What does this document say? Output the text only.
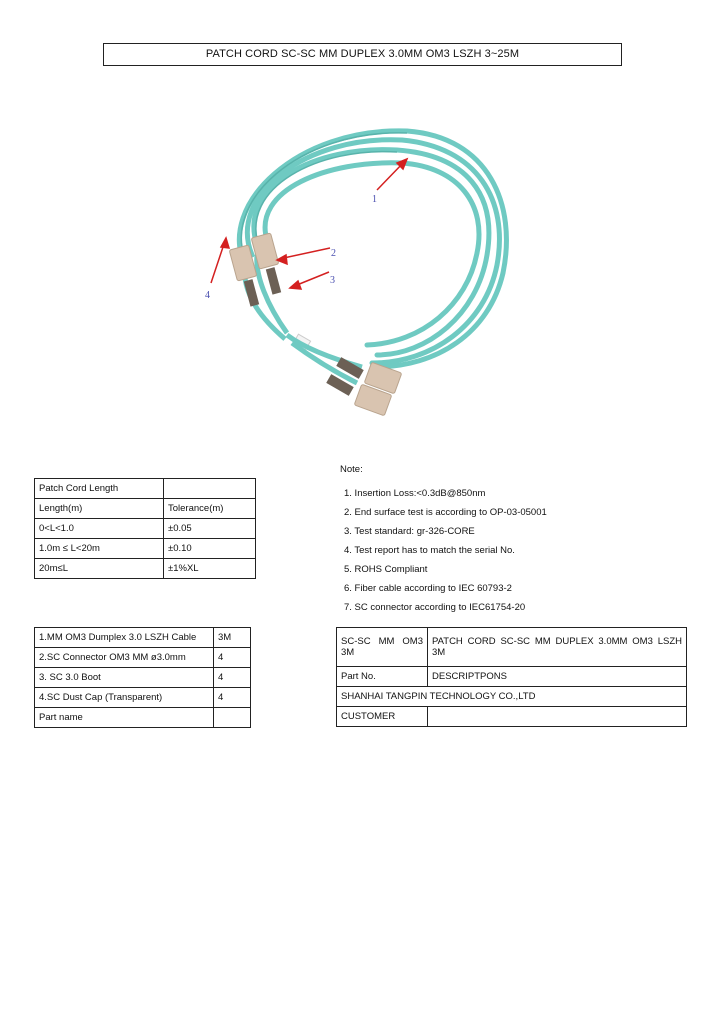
PATCH CORD SC-SC MM DUPLEX 3.0MM OM3 LSZH 3~25M
1
2
3
4
Patch Cord Length	
Length(m)	Tolerance(m)
0<L<1.0	±0.05
1.0m ≤ L<20m	±0.10
20m≤L	±1%XL
Note:
1. Insertion Loss:<0.3dB@850nm
2. End surface test is according to OP-03-05001
3. Test standard: gr-326-CORE
4. Test report has to match the serial No.
5. ROHS Compliant
6. Fiber cable according to IEC 60793-2
7. SC connector according to IEC61754-20
1.MM OM3 Dumplex 3.0 LSZH Cable	3M
2.SC Connector OM3 MM ø3.0mm	4
3. SC 3.0 Boot	4
4.SC Dust Cap (Transparent)	4
Part name	
SC-SC MM OM3 3M	PATCH CORD SC-SC MM DUPLEX 3.0MM OM3 LSZH 3M
Part No.	DESCRIPTPONS
SHANHAI TANGPIN TECHNOLOGY CO.,LTD	
CUSTOMER	
